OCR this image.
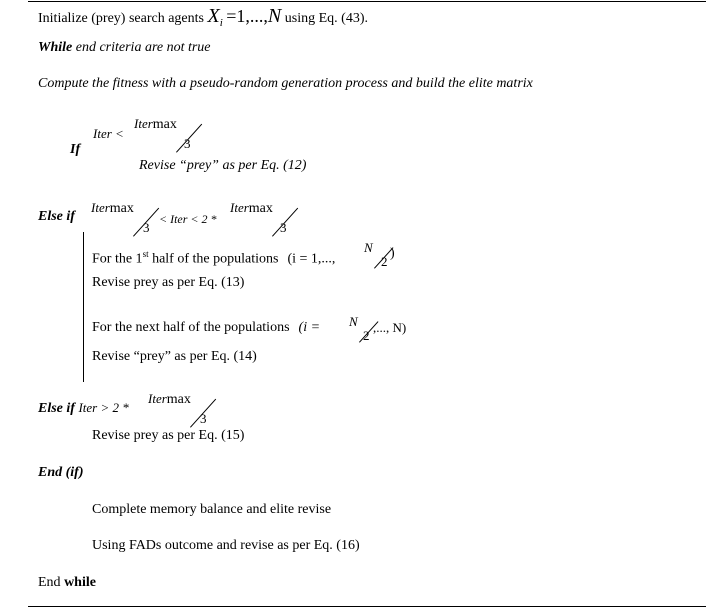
Initialize (prey) search agents $X_i =1,...,N$ using Eq. (43).
While end criteria are not true
Compute the fitness with a pseudo-random generation process and build the elite matrix
Iter <
Itermax
3
If
Revise “prey” as per Eq. (12)
Else if
Itermax
3
< Iter < 2 *
Itermax
3
For the 1st half of the populations (i = 1,...,
N
2
)
Revise prey as per Eq. (13)
For the next half of the populations (i = N
2
,..., N)
Revise “prey” as per Eq. (14)
Else if Iter > 2 *
Itermax
3
Revise prey as per Eq. (15)
End (if)
Complete memory balance and elite revise
Using FADs outcome and revise as per Eq. (16)
End while
